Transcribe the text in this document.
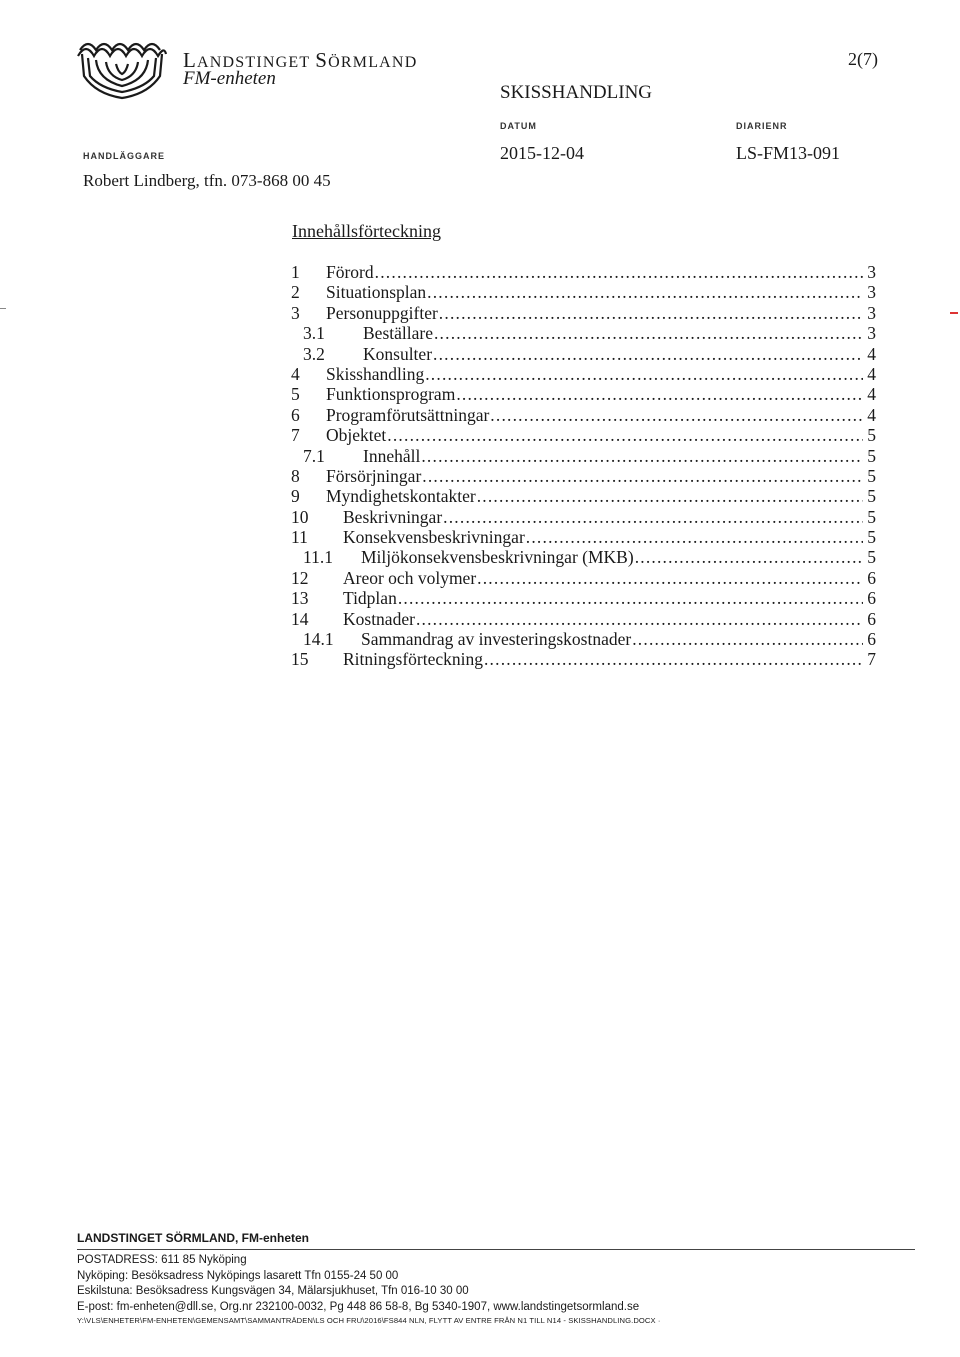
LANDSTINGET SÖRMLAND
FM-enheten
2(7)
SKISSHANDLING
DATUM	DIARIENR
HANDLÄGGARE	2015-12-04	LS-FM13-091
Robert Lindberg, tfn. 073-868 00 45
Innehållsförteckning
1	Förord .....	3
2	Situationsplan .....	3
3	Personuppgifter .....	3
3.1	Beställare .....	3
3.2	Konsulter .....	4
4	Skisshandling .....	4
5	Funktionsprogram .....	4
6	Programförutsättningar .....	4
7	Objektet .....	5
7.1	Innehåll .....	5
8	Försörjningar .....	5
9	Myndighetskontakter .....	5
10	Beskrivningar .....	5
11	Konsekvensbeskrivningar .....	5
11.1	Miljökonsekvensbeskrivningar (MKB) .....	5
12	Areor och volymer .....	6
13	Tidplan .....	6
14	Kostnader .....	6
14.1	Sammandrag av investeringskostnader .....	6
15	Ritningsförteckning .....	7
LANDSTINGET SÖRMLAND, FM-enheten
POSTADRESS: 611 85 Nyköping
Nyköping: Besöksadress Nyköpings lasarett Tfn 0155-24 50 00
Eskilstuna: Besöksadress Kungsvägen 34, Mälarsjukhuset, Tfn 016-10 30 00
E-post: fm-enheten@dll.se, Org.nr 232100-0032, Pg 448 86 58-8, Bg 5340-1907, www.landstingetsormland.se
Y:\VLS\ENHETER\FM-ENHETEN\GEMENSAMT\SAMMANTRÄDEN\LS OCH FRU\2016\FS844 NLN, FLYTT AV ENTRE FRÅN N1 TILL N14 - SKISSHANDLING.DOCX ·
